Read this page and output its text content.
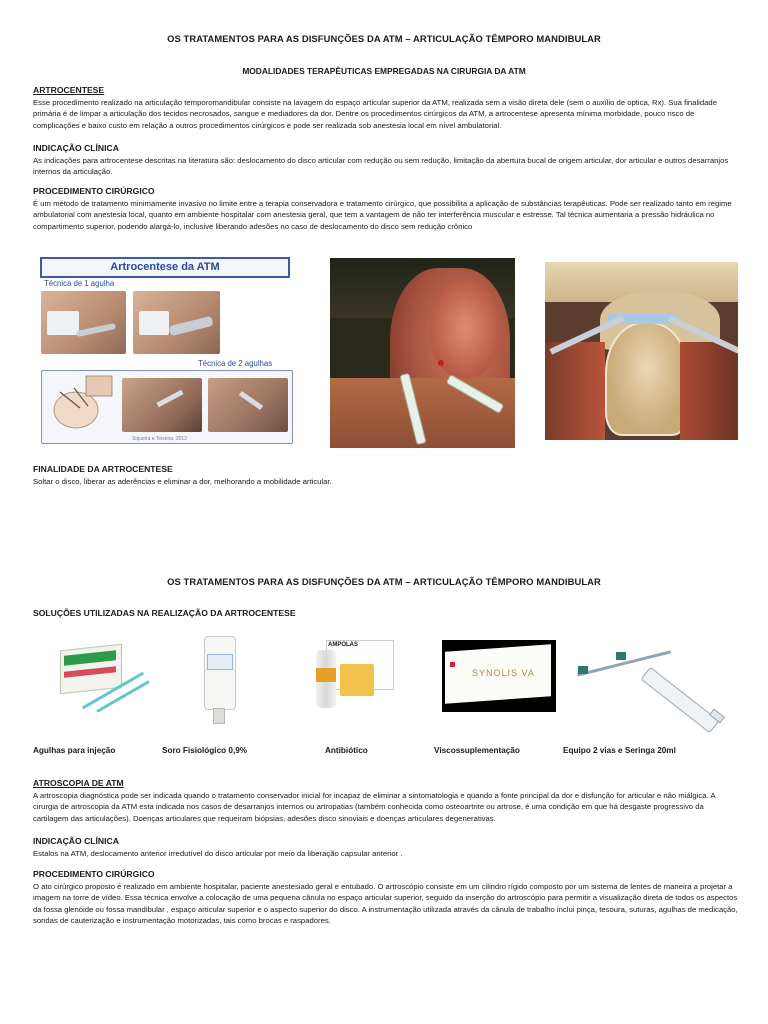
OS TRATAMENTOS PARA AS DISFUNÇÕES DA ATM – ARTICULAÇÃO TÊMPORO MANDIBULAR
MODALIDADES TERAPÊUTICAS EMPREGADAS NA CIRURGIA DA ATM
ARTROCENTESE

Esse procedimento realizado na articulação temporomandibular consiste na lavagem do espaço articular superior da ATM, realizada sem a visão direta dele (sem o auxílio de optica, Rx). Sua finalidade primária é de limpar a articulação dos tecidos necrosados, sangue e mediadores da dor. Dentre os procedimentos cirúrgicos da ATM, a artrocentese apresenta mínima morbidade, pouco risco de complicações e baixo custo em relação a outros procedimentos cirúrgicos e pode ser realizada sob anestesia local em nível ambulatorial.

INDICAÇÃO CLÍNICA

As indicações para artrocentese descritas na literatura são: deslocamento do disco articular com redução ou sem redução, limitação da abertura bucal de origem articular, dor articular e outros desarranjos internos da articulação.

PROCEDIMENTO CIRÚRGICO

É um método de tratamento minimamente invasivo no limite entre a terapia conservadora e tratamento cirúrgico, que possibilita a aplicação de substâncias terapêuticas. Pode ser realizado tanto em regime ambulatorial com anestesia local, quanto em ambiente hospitalar com anestesia geral, que tem a vantagem de não ter interferência muscular e estresse. Tal técnica aumentaria a pressão hidráulica no compartimento superior, podendo alargá-lo, inclusive liberando adesões no caso de deslocamento do disco sem redução crônico

Artrocentese da ATM
Técnica de 1 agulha
Técnica de 2 agulhas
Siqueira e Teixeira, 2012
FINALIDADE DA ARTROCENTESE

Soltar o disco, liberar as aderências e eliminar a dor, melhorando a mobilidade articular.

OS TRATAMENTOS PARA AS DISFUNÇÕES DA ATM – ARTICULAÇÃO TÊMPORO MANDIBULAR
SOLUÇÕES UTILIZADAS NA REALIZAÇÃO DA ARTROCENTESE
AMPOLAS
SYNOLIS VA
Agulhas para injeção	Soro Fisiológico 0,9%	Antibiótico	Viscossuplementação	Equipo 2 vias e Seringa 20ml
ATROSCOPIA DE ATM

A artroscopia diagnóstica pode ser indicada quando o tratamento conservador inicial for incapaz de eliminar a sintomatologia e quando a fonte principal da dor e disfunção for articular e não miálgica. A cirurgia de artroscopia da ATM esta indicada nos casos de desarranjos internos ou artropatias (também conhecida como osteoartrite ou artrose, é uma condição em que há desgaste progressivo da cartilagem das articulações). Doenças articulares que requeiram biópsias, adesões disco sinoviais e doenças articulares degenerativas.

INDICAÇÃO CLÍNICA

Estalos na ATM, deslocamento anterior irredutível do disco articular por meio da liberação capsular anterior .

PROCEDIMENTO CIRÚRGICO

O ato cirúrgico proposto é realizado em ambiente hospitalar, paciente anestesiado geral e entubado. O artroscópio consiste em um cilindro rígido composto por um sistema de lentes de maneira a projetar a imagem na torre de vídeo. Essa técnica envolve a colocação de uma pequena cânula no espaço articular superior, seguido da inserção do artroscópio para permitir a visualização direta de todos os aspectos da fossa glenóide ou fossa mandibular , espaço articular superior e o aspecto superior do disco. A instrumentação utilizada através da cânula de trabalho inclui pinça, tesoura, suturas, agulhas de medicação, sondas de cauterização e instrumentação motorizadas, tais como brocas e raspadores.
